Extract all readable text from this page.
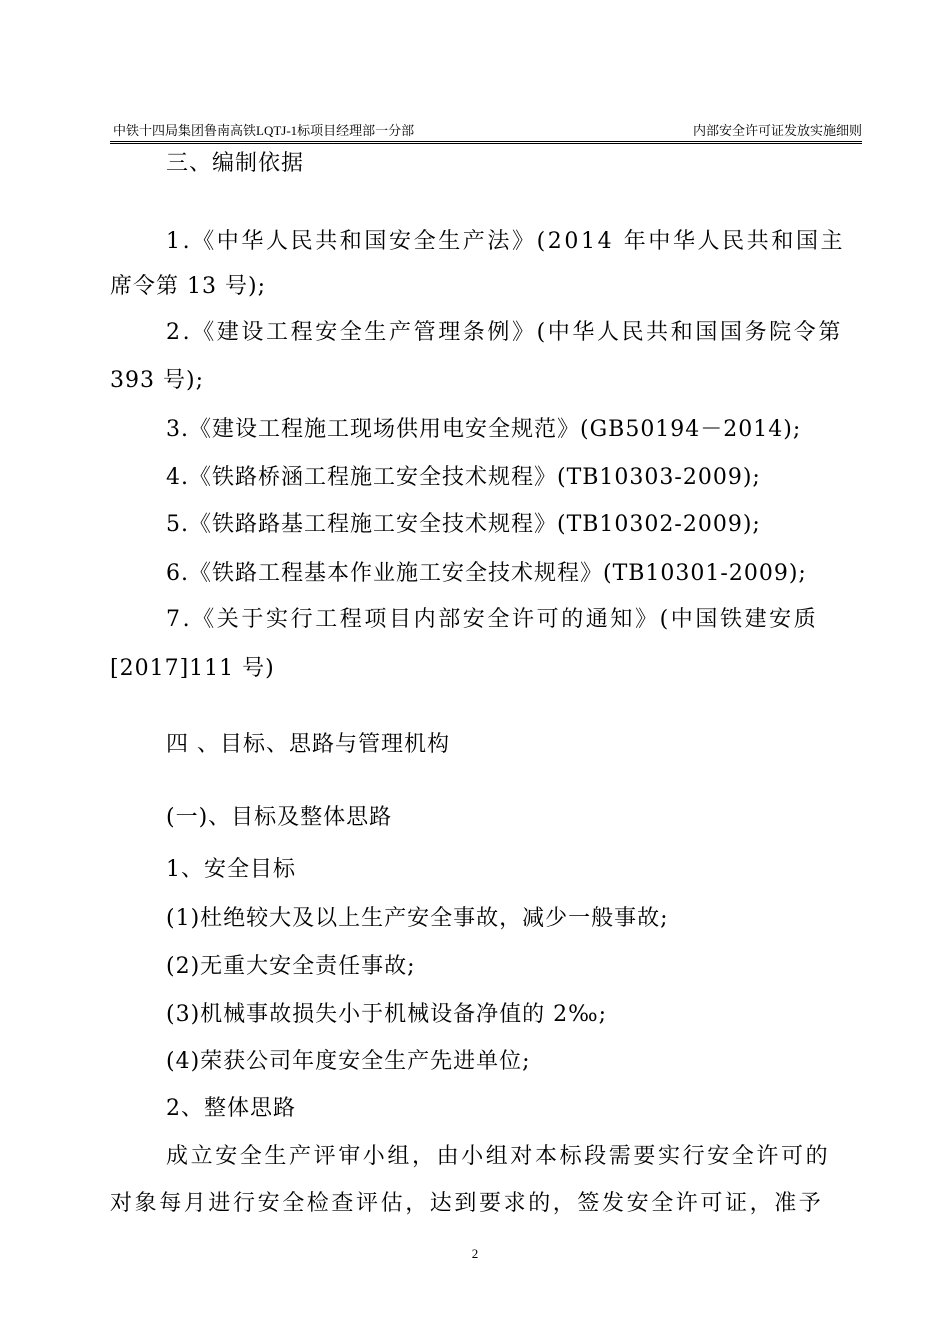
中铁十四局集团鲁南高铁LQTJ-1标项目经理部一分部	内部安全许可证发放实施细则
三、编制依据
1.《中华人民共和国安全生产法》(2014 年中华人民共和国主
席令第 13 号);
2.《建设工程安全生产管理条例》(中华人民共和国国务院令第
393 号);
3.《建设工程施工现场供用电安全规范》(GB50194－2014);
4.《铁路桥涵工程施工安全技术规程》(TB10303-2009);
5.《铁路路基工程施工安全技术规程》(TB10302-2009);
6.《铁路工程基本作业施工安全技术规程》(TB10301-2009);
7.《关于实行工程项目内部安全许可的通知》(中国铁建安质
[2017]111 号)
四 、目标、思路与管理机构
(一)、目标及整体思路
1、安全目标
(1)杜绝较大及以上生产安全事故，减少一般事故;
(2)无重大安全责任事故;
(3)机械事故损失小于机械设备净值的 2‰;
(4)荣获公司年度安全生产先进单位;
2、整体思路
成立安全生产评审小组，由小组对本标段需要实行安全许可的
对象每月进行安全检查评估，达到要求的，签发安全许可证，准予
2
